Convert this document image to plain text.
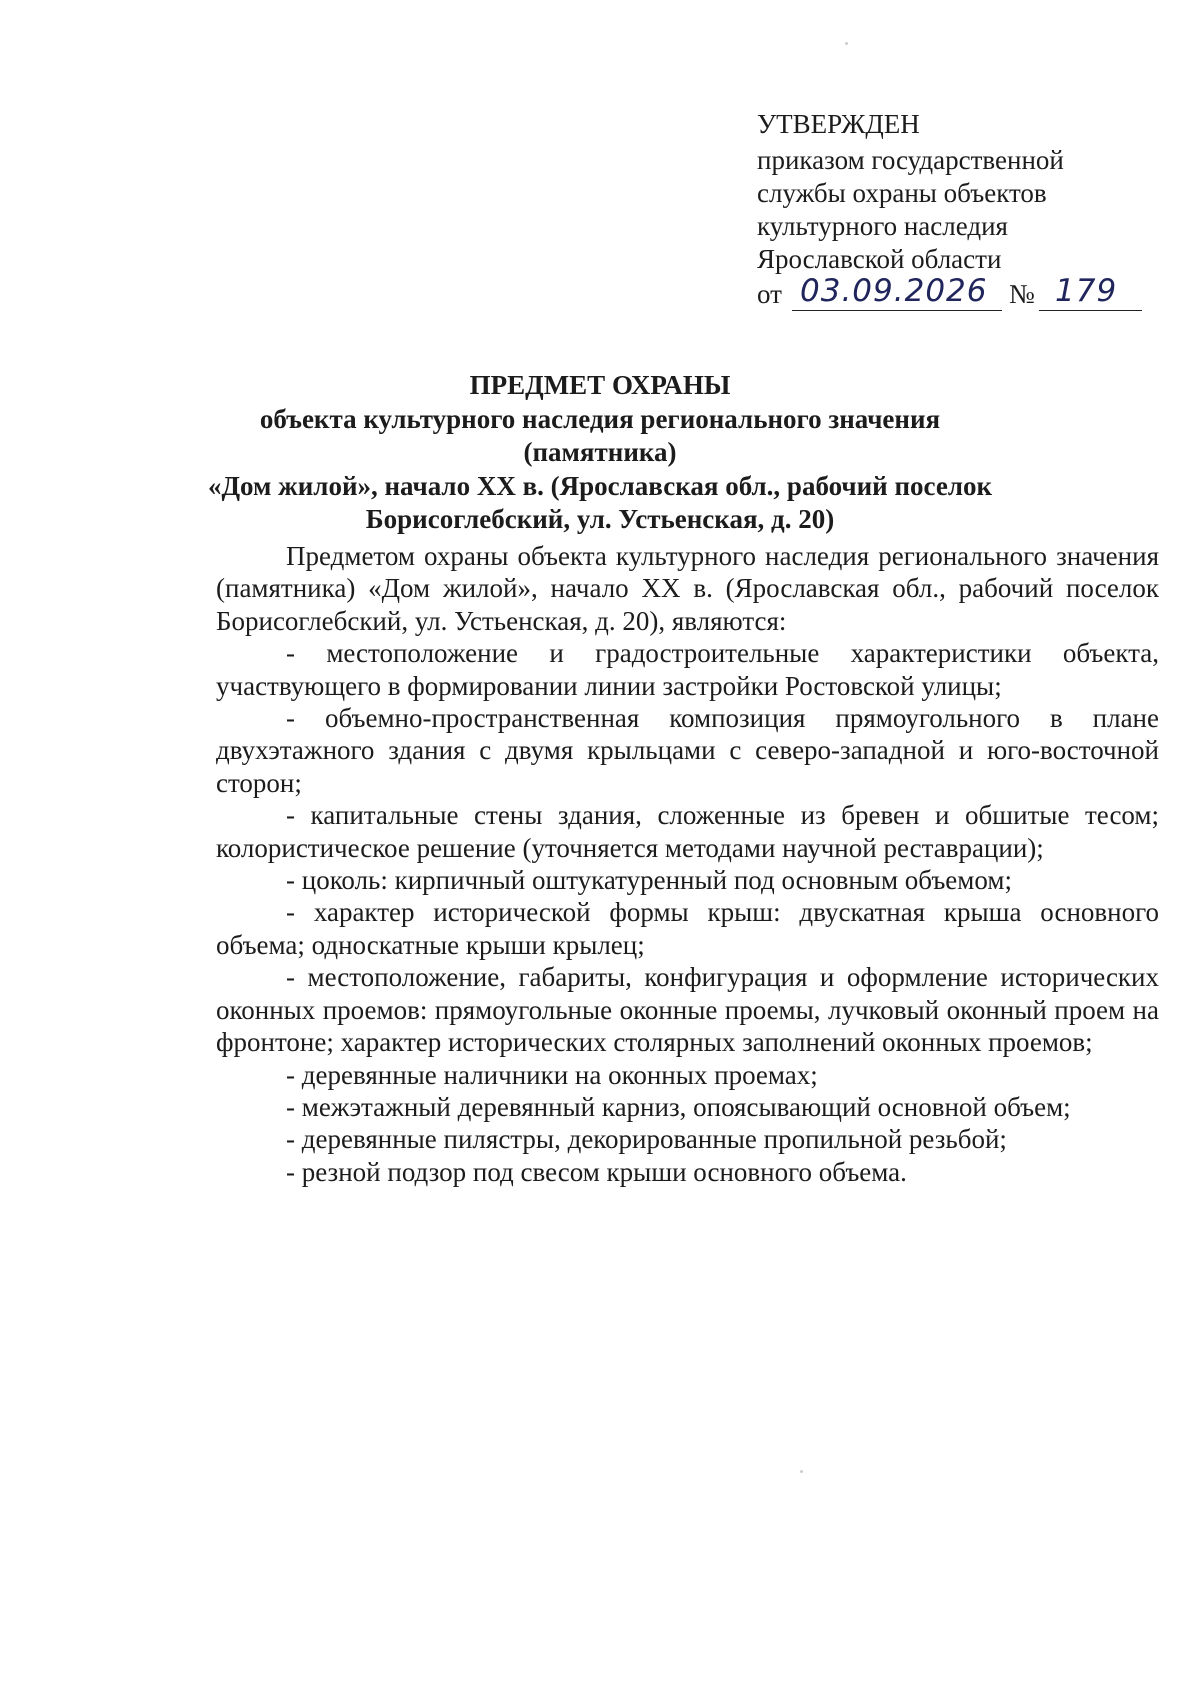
УТВЕРЖДЕН
приказом государственной
службы охраны объектов
культурного наследия
Ярославской области
от 03.09.2026 № 179
ПРЕДМЕТ ОХРАНЫ
объекта культурного наследия регионального значения (памятника)
«Дом жилой», начало XX в. (Ярославская обл., рабочий поселок
Борисоглебский, ул. Устьенская, д. 20)

Предметом охраны объекта культурного наследия регионального значения (памятника) «Дом жилой», начало XX в. (Ярославская обл., рабочий поселок Борисоглебский, ул. Устьенская, д. 20), являются:

- местоположение и градостроительные характеристики объекта, участвующего в формировании линии застройки Ростовской улицы;

- объемно-пространственная композиция прямоугольного в плане двухэтажного здания с двумя крыльцами с северо-западной и юго-восточной сторон;

- капитальные стены здания, сложенные из бревен и обшитые тесом; колористическое решение (уточняется методами научной реставрации);

- цоколь: кирпичный оштукатуренный под основным объемом;

- характер исторической формы крыш: двускатная крыша основного объема; односкатные крыши крылец;

- местоположение, габариты, конфигурация и оформление исторических оконных проемов: прямоугольные оконные проемы, лучковый оконный проем на фронтоне; характер исторических столярных заполнений оконных проемов;

- деревянные наличники на оконных проемах;

- межэтажный деревянный карниз, опоясывающий основной объем;

- деревянные пилястры, декорированные пропильной резьбой;

- резной подзор под свесом крыши основного объема.
